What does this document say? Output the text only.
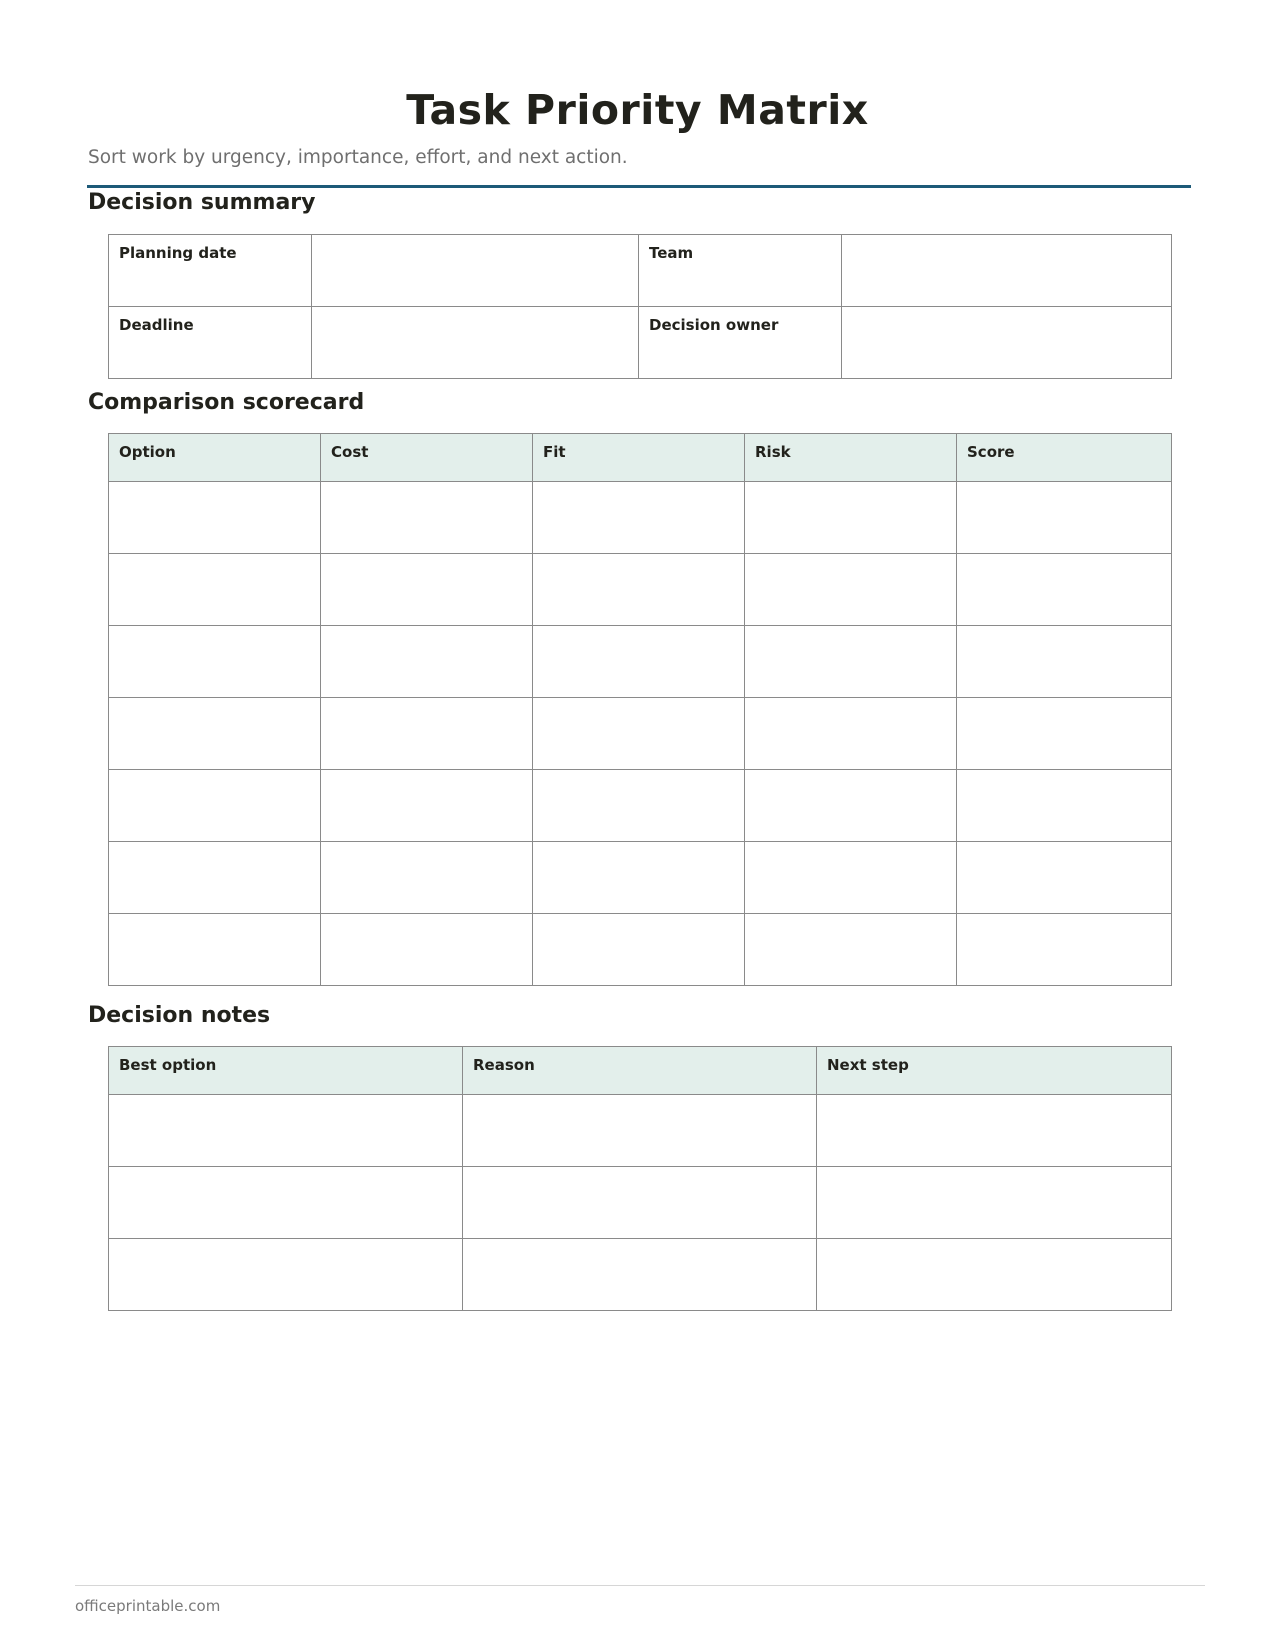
Task Priority Matrix

Sort work by urgency, importance, effort, and next action.

Decision summary
Planning date		Team	

Deadline		Decision owner	

Comparison scorecard
Option	Cost	Fit	Risk	Score

Decision notes
Best option	Reason	Next step

officeprintable.com
